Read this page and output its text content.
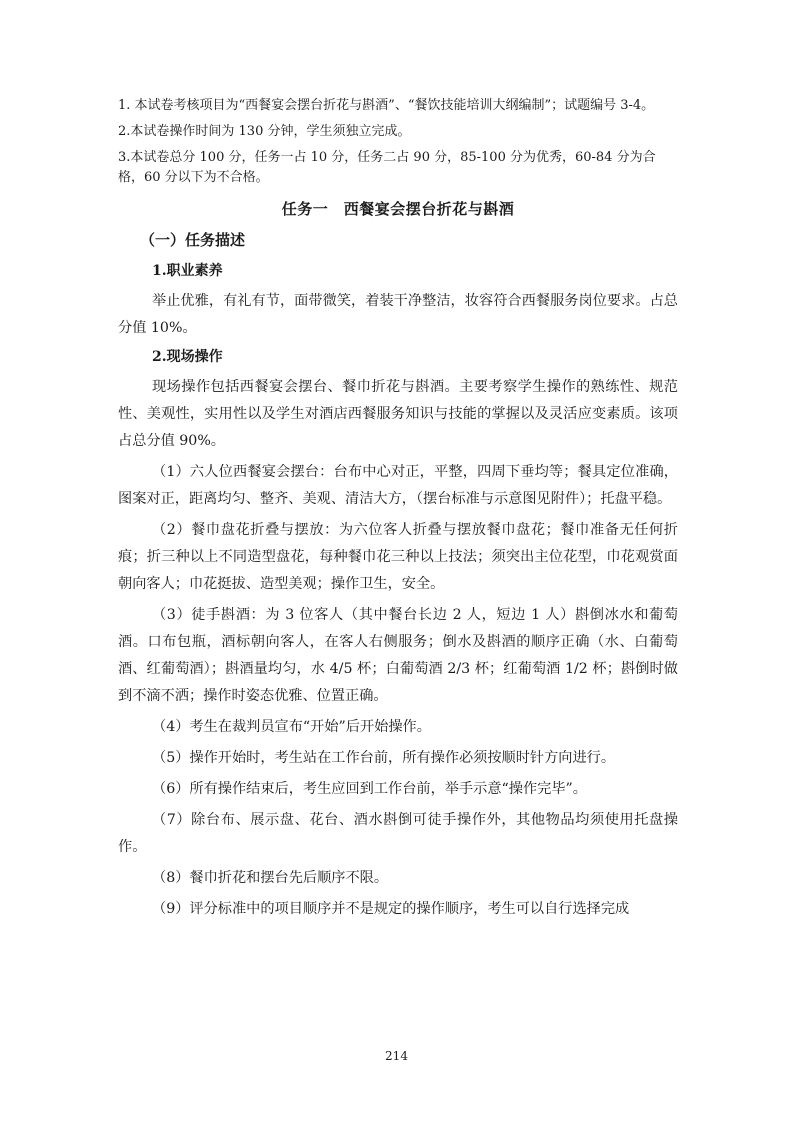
1. 本试卷考核项目为“西餐宴会摆台折花与斟酒”、“餐饮技能培训大纲编制”；试题编号 3-4。

2.本试卷操作时间为 130 分钟，学生须独立完成。

3.本试卷总分 100 分，任务一占 10 分，任务二占 90 分，85-100 分为优秀，60-84 分为合格，60 分以下为不合格。

任务一　西餐宴会摆台折花与斟酒
（一）任务描述
1.职业素养

举止优雅，有礼有节，面带微笑，着装干净整洁，妆容符合西餐服务岗位要求。占总分值 10%。

2.现场操作

现场操作包括西餐宴会摆台、餐巾折花与斟酒。主要考察学生操作的熟练性、规范性、美观性，实用性以及学生对酒店西餐服务知识与技能的掌握以及灵活应变素质。该项占总分值 90%。

（1）六人位西餐宴会摆台：台布中心对正，平整，四周下垂均等；餐具定位准确，图案对正，距离均匀、整齐、美观、清洁大方，（摆台标准与示意图见附件）；托盘平稳。

（2）餐巾盘花折叠与摆放：为六位客人折叠与摆放餐巾盘花；餐巾准备无任何折痕；折三种以上不同造型盘花，每种餐巾花三种以上技法；须突出主位花型，巾花观赏面朝向客人；巾花挺拔、造型美观；操作卫生，安全。

（3）徒手斟酒：为 3 位客人（其中餐台长边 2 人，短边 1 人）斟倒冰水和葡萄酒。口布包瓶，酒标朝向客人，在客人右侧服务；倒水及斟酒的顺序正确（水、白葡萄酒、红葡萄酒）；斟酒量均匀，水 4/5 杯；白葡萄酒 2/3 杯；红葡萄酒 1/2 杯；斟倒时做到不滴不洒；操作时姿态优雅、位置正确。

（4）考生在裁判员宣布“开始”后开始操作。

（5）操作开始时，考生站在工作台前，所有操作必须按顺时针方向进行。

（6）所有操作结束后，考生应回到工作台前，举手示意“操作完毕”。

（7）除台布、展示盘、花台、酒水斟倒可徒手操作外，其他物品均须使用托盘操作。

（8）餐巾折花和摆台先后顺序不限。

（9）评分标准中的项目顺序并不是规定的操作顺序，考生可以自行选择完成

214
